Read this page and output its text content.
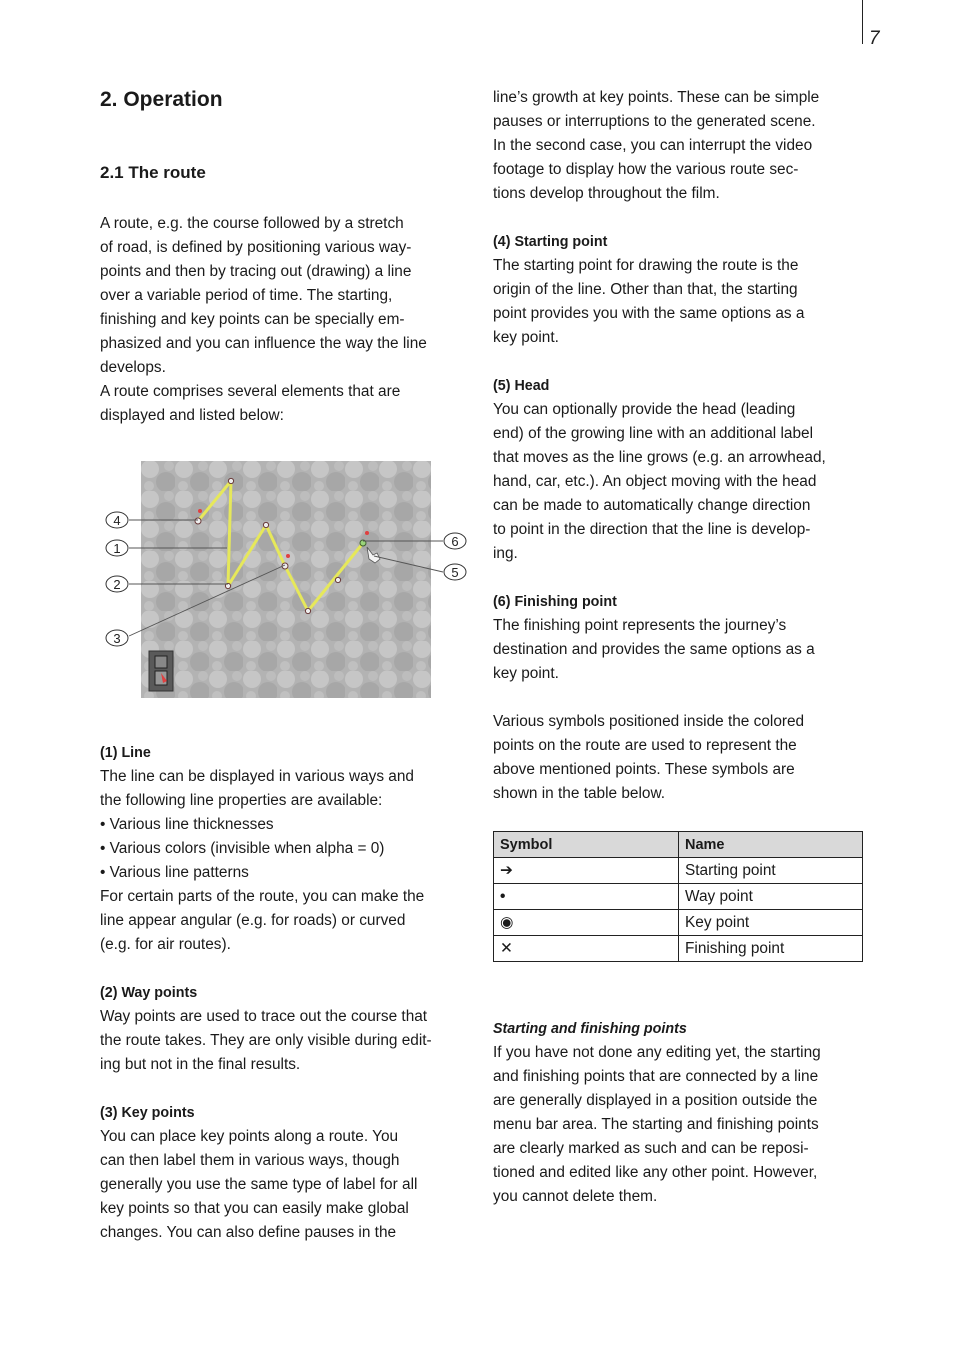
7
2. Operation
2.1 The route
A route, e.g. the course followed by a stretch
of road, is defined by positioning various way-
points and then by tracing out (drawing) a line
over a variable period of time. The starting,
finishing and key points can be specially em-
phasized and you can influence the way the line
develops.
A route comprises several elements that are
displayed and listed below:
(1) Line
The line can be displayed in various ways and
the following line properties are available:
• Various line thicknesses
• Various colors (invisible when alpha = 0)
• Various line patterns
For certain parts of the route, you can make the
line appear angular (e.g. for roads) or curved
(e.g. for air routes).
(2) Way points
Way points are used to trace out the course that
the route takes. They are only visible during edit-
ing but not in the final results.
(3) Key points
You can place key points along a route. You
can then label them in various ways, though
generally you use the same type of label for all
key points so that you can easily make global
changes. You can also define pauses in the
4
1
2
3
6
5
line’s growth at key points. These can be simple
pauses or interruptions to the generated scene.
In the second case, you can interrupt the video
footage to display how the various route sec-
tions develop throughout the film.
(4) Starting point
The starting point for drawing the route is the
origin of the line. Other than that, the starting
point provides you with the same options as a
key point.
(5) Head
You can optionally provide the head (leading
end) of the growing line with an additional label
that moves as the line grows (e.g. an arrowhead,
hand, car, etc.). An object moving with the head
can be made to automatically change direction
to point in the direction that the line is develop-
ing.
(6) Finishing point
The finishing point represents the journey’s
destination and provides the same options as a
key point.
Various symbols positioned inside the colored
points on the route are used to represent the
above mentioned points. These symbols are
shown in the table below.
Starting and finishing points
If you have not done any editing yet, the starting
and finishing points that are connected by a line
are generally displayed in a position outside the
menu bar area. The starting and finishing points
are clearly marked as such and can be reposi-
tioned and edited like any other point. However,
you cannot delete them.
Symbol	Name
➔	Starting point
•	Way point
◉	Key point
✕	Finishing point
